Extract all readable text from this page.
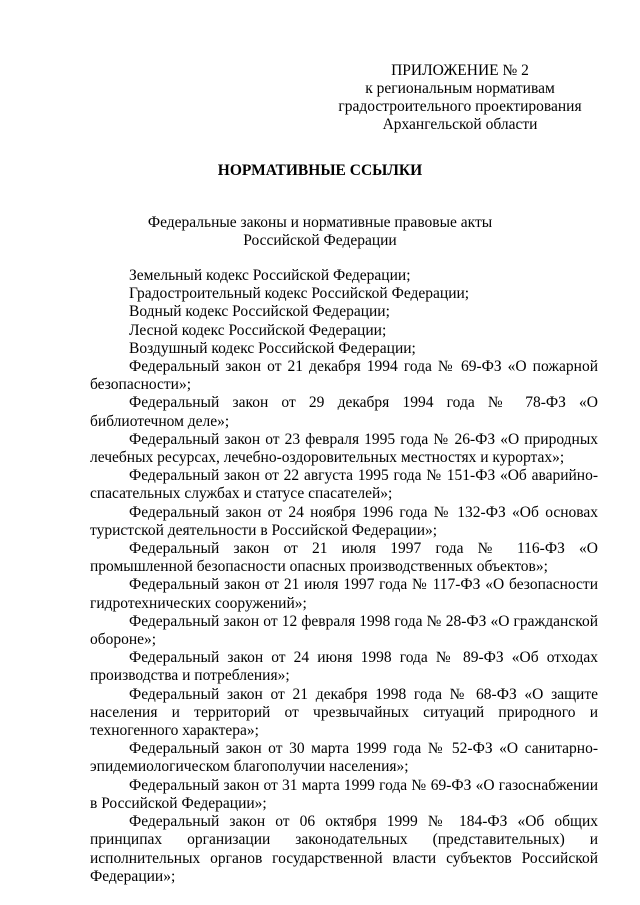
ПРИЛОЖЕНИЕ № 2
к региональным нормативам
градостроительного проектирования
Архангельской области
НОРМАТИВНЫЕ ССЫЛКИ
Федеральные законы и нормативные правовые акты
Российской Федерации

Земельный кодекс Российской Федерации;

Градостроительный кодекс Российской Федерации;

Водный кодекс Российской Федерации;

Лесной кодекс Российской Федерации;

Воздушный кодекс Российской Федерации;

Федеральный закон от 21 декабря 1994 года № 69-ФЗ «О пожарной безопасности»;

Федеральный закон от 29 декабря 1994 года № 78-ФЗ «О библиотечном деле»;

Федеральный закон от 23 февраля 1995 года № 26-ФЗ «О природных лечебных ресурсах, лечебно-оздоровительных местностях и курортах»;

Федеральный закон от 22 августа 1995 года № 151-ФЗ «Об аварийно-спасательных службах и статусе спасателей»;

Федеральный закон от 24 ноября 1996 года № 132-ФЗ «Об основах туристской деятельности в Российской Федерации»;

Федеральный закон от 21 июля 1997 года № 116-ФЗ «О промышленной безопасности опасных производственных объектов»;

Федеральный закон от 21 июля 1997 года № 117-ФЗ «О безопасности гидротехнических сооружений»;

Федеральный закон от 12 февраля 1998 года № 28-ФЗ «О гражданской обороне»;

Федеральный закон от 24 июня 1998 года № 89-ФЗ «Об отходах производства и потребления»;

Федеральный закон от 21 декабря 1998 года № 68-ФЗ «О защите населения и территорий от чрезвычайных ситуаций природного и техногенного характера»;

Федеральный закон от 30 марта 1999 года № 52-ФЗ «О санитарно-эпидемиологическом благополучии населения»;

Федеральный закон от 31 марта 1999 года № 69-ФЗ «О газоснабжении в Российской Федерации»;

Федеральный закон от 06 октября 1999 № 184-ФЗ «Об общих принципах организации законодательных (представительных) и исполнительных органов государственной власти субъектов Российской Федерации»;
